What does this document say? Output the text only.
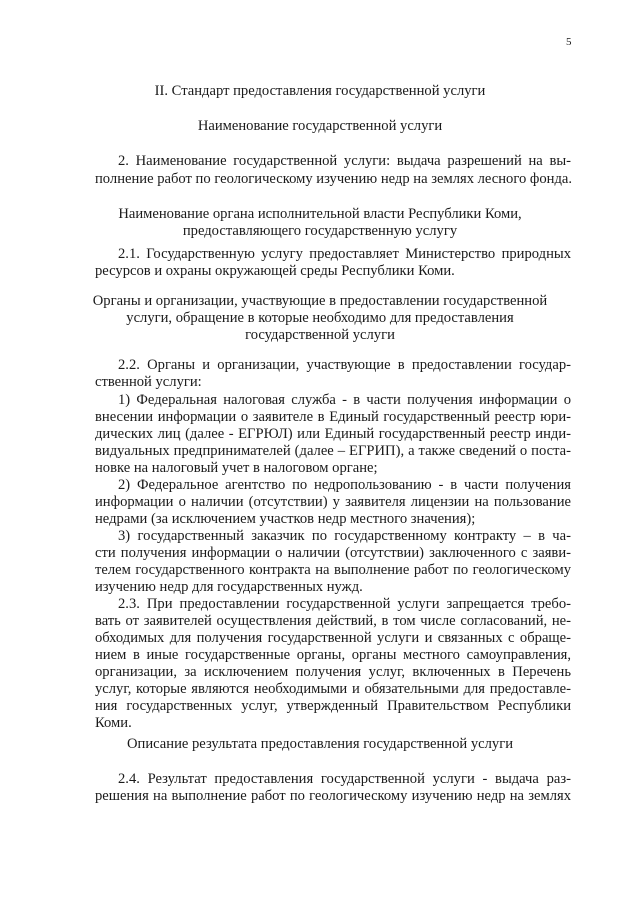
5
II. Стандарт предоставления государственной услуги
Наименование государственной услуги
2. Наименование государственной услуги: выдача разрешений на вы-
полнение работ по геологическому изучению недр на землях лесного фонда.
Наименование органа исполнительной власти Республики Коми,
предоставляющего государственную услугу
2.1. Государственную услугу предоставляет Министерство природных
ресурсов и охраны окружающей среды Республики Коми.
Органы и организации, участвующие в предоставлении государственной
услуги, обращение в которые необходимо для предоставления
государственной услуги
2.2. Органы и организации, участвующие в предоставлении государ-
ственной услуги:
1) Федеральная налоговая служба - в части получения информации о
внесении информации о заявителе в Единый государственный реестр юри-
дических лиц (далее - ЕГРЮЛ) или Единый государственный реестр инди-
видуальных предпринимателей (далее – ЕГРИП), а также сведений о поста-
новке на налоговый учет в налоговом органе;
2) Федеральное агентство по недропользованию - в части получения
информации о наличии (отсутствии) у заявителя лицензии на пользование
недрами (за исключением участков недр местного значения);
3) государственный заказчик по государственному контракту – в ча-
сти получения информации о наличии (отсутствии) заключенного с заяви-
телем государственного контракта на выполнение работ по геологическому
изучению недр для государственных нужд.
2.3. При предоставлении государственной услуги запрещается требо-
вать от заявителей осуществления действий, в том числе согласований, не-
обходимых для получения государственной услуги и связанных с обраще-
нием в иные государственные органы, органы местного самоуправления,
организации, за исключением получения услуг, включенных в Перечень
услуг, которые являются необходимыми и обязательными для предоставле-
ния государственных услуг, утвержденный Правительством Республики
Коми.
Описание результата предоставления государственной услуги
2.4. Результат предоставления государственной услуги - выдача раз-
решения на выполнение работ по геологическому изучению недр на землях
